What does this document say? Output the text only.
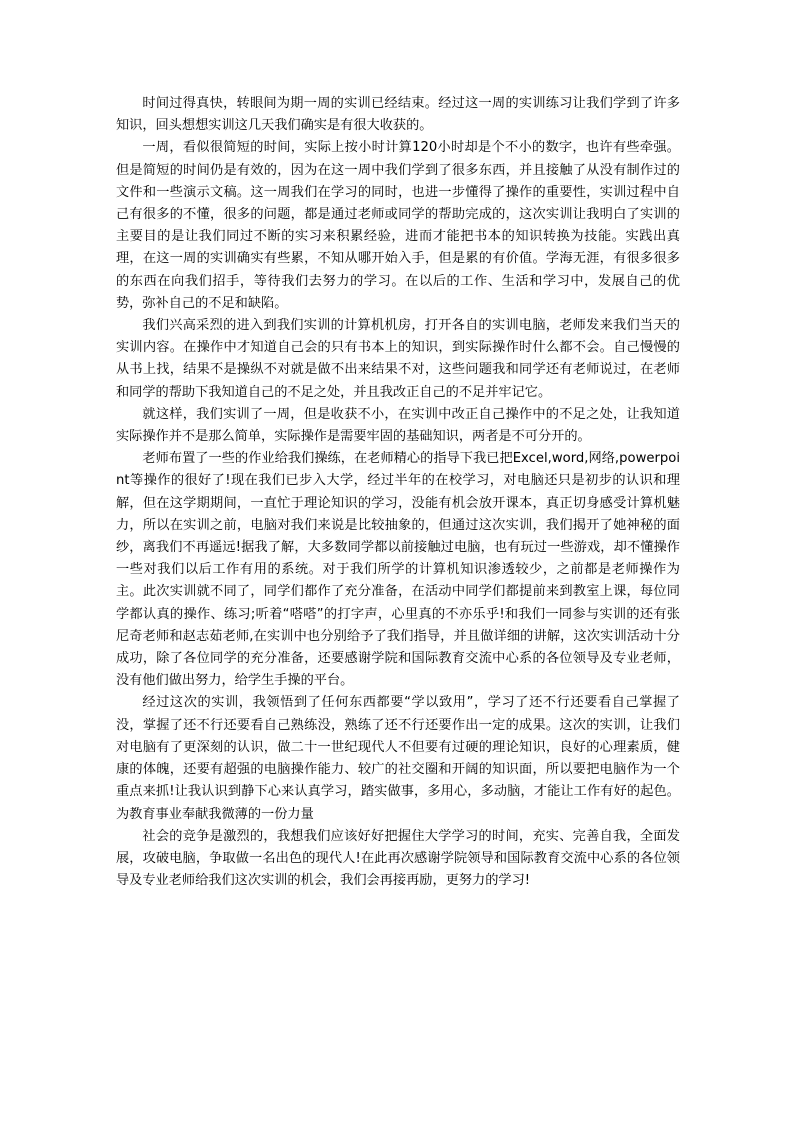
时间过得真快，转眼间为期一周的实训已经结束。经过这一周的实训练习让我们学到了许多知识，回头想想实训这几天我们确实是有很大收获的。

一周，看似很简短的时间，实际上按小时计算120小时却是个不小的数字，也许有些牵强。但是简短的时间仍是有效的，因为在这一周中我们学到了很多东西，并且接触了从没有制作过的文件和一些演示文稿。这一周我们在学习的同时，也进一步懂得了操作的重要性，实训过程中自己有很多的不懂，很多的问题，都是通过老师或同学的帮助完成的，这次实训让我明白了实训的主要目的是让我们同过不断的实习来积累经验，进而才能把书本的知识转换为技能。实践出真理，在这一周的实训确实有些累，不知从哪开始入手，但是累的有价值。学海无涯，有很多很多的东西在向我们招手，等待我们去努力的学习。在以后的工作、生活和学习中，发展自己的优势，弥补自己的不足和缺陷。

我们兴高采烈的进入到我们实训的计算机机房，打开各自的实训电脑，老师发来我们当天的实训内容。在操作中才知道自己会的只有书本上的知识，到实际操作时什么都不会。自己慢慢的从书上找，结果不是操纵不对就是做不出来结果不对，这些问题我和同学还有老师说过，在老师和同学的帮助下我知道自己的不足之处，并且我改正自己的不足并牢记它。

就这样，我们实训了一周，但是收获不小，在实训中改正自己操作中的不足之处，让我知道实际操作并不是那么简单，实际操作是需要牢固的基础知识，两者是不可分开的。

老师布置了一些的作业给我们操练，在老师精心的指导下我已把Excel,word,网络,powerpoint等操作的很好了!现在我们已步入大学，经过半年的在校学习，对电脑还只是初步的认识和理解，但在这学期期间，一直忙于理论知识的学习，没能有机会放开课本，真正切身感受计算机魅力，所以在实训之前，电脑对我们来说是比较抽象的，但通过这次实训，我们揭开了她神秘的面纱，离我们不再遥远!据我了解，大多数同学都以前接触过电脑，也有玩过一些游戏，却不懂操作一些对我们以后工作有用的系统。对于我们所学的计算机知识渗透较少，之前都是老师操作为主。此次实训就不同了，同学们都作了充分准备，在活动中同学们都提前来到教室上课，每位同学都认真的操作、练习;听着“嗒嗒”的打字声，心里真的不亦乐乎!和我们一同参与实训的还有张尼奇老师和赵志茹老师,在实训中也分别给予了我们指导，并且做详细的讲解，这次实训活动十分成功，除了各位同学的充分准备，还要感谢学院和国际教育交流中心系的各位领导及专业老师，没有他们做出努力，给学生手操的平台。

经过这次的实训，我领悟到了任何东西都要“学以致用”，学习了还不行还要看自己掌握了没，掌握了还不行还要看自己熟练没，熟练了还不行还要作出一定的成果。这次的实训，让我们对电脑有了更深刻的认识，做二十一世纪现代人不但要有过硬的理论知识，良好的心理素质，健康的体魄，还要有超强的电脑操作能力、较广的社交圈和开阔的知识面，所以要把电脑作为一个重点来抓!让我认识到静下心来认真学习，踏实做事，多用心，多动脑，才能让工作有好的起色。为教育事业奉献我微薄的一份力量

社会的竞争是激烈的，我想我们应该好好把握住大学学习的时间，充实、完善自我，全面发展，攻破电脑，争取做一名出色的现代人!在此再次感谢学院领导和国际教育交流中心系的各位领导及专业老师给我们这次实训的机会，我们会再接再励，更努力的学习!
